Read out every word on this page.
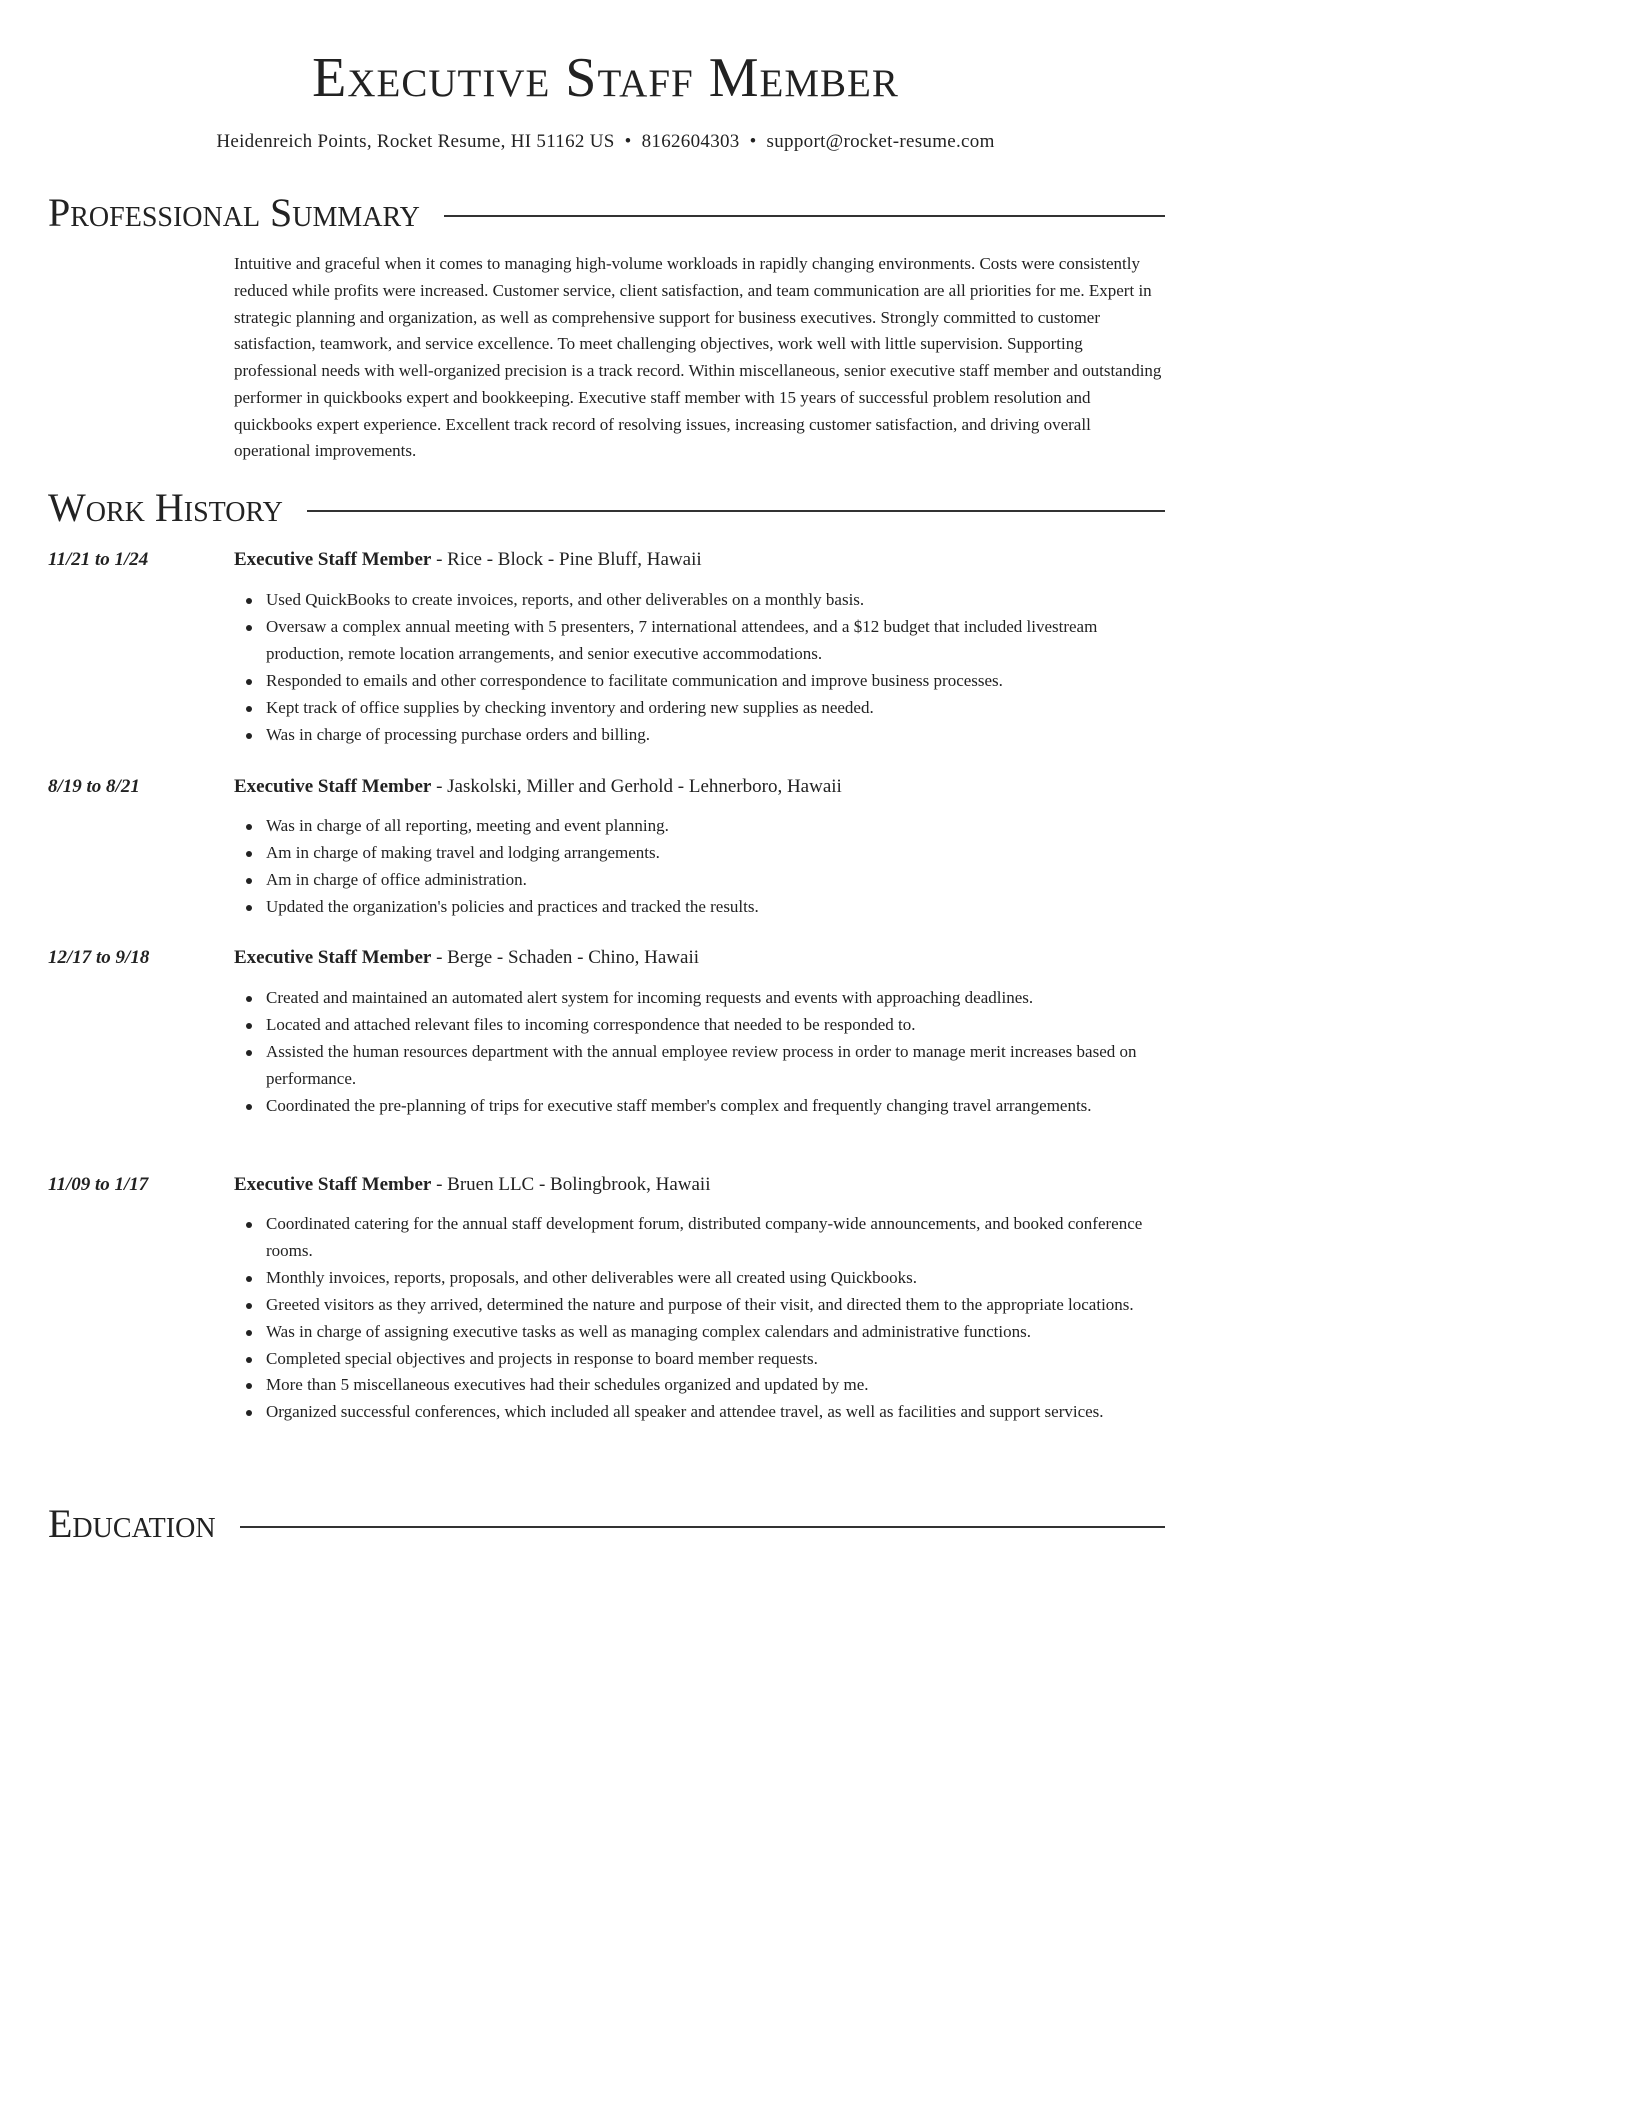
Executive Staff Member
Heidenreich Points, Rocket Resume, HI 51162 US • 8162604303 • support@rocket-resume.com
Professional Summary

Intuitive and graceful when it comes to managing high-volume workloads in rapidly changing environments. Costs were consistently reduced while profits were increased. Customer service, client satisfaction, and team communication are all priorities for me. Expert in strategic planning and organization, as well as comprehensive support for business executives. Strongly committed to customer satisfaction, teamwork, and service excellence. To meet challenging objectives, work well with little supervision. Supporting professional needs with well-organized precision is a track record. Within miscellaneous, senior executive staff member and outstanding performer in quickbooks expert and bookkeeping. Executive staff member with 15 years of successful problem resolution and quickbooks expert experience. Excellent track record of resolving issues, increasing customer satisfaction, and driving overall operational improvements.

Work History
11/21 to 1/24	Executive Staff Member - Rice - Block - Pine Bluff, Hawaii
Used QuickBooks to create invoices, reports, and other deliverables on a monthly basis.
Oversaw a complex annual meeting with 5 presenters, 7 international attendees, and a $12 budget that included livestream production, remote location arrangements, and senior executive accommodations.
Responded to emails and other correspondence to facilitate communication and improve business processes.
Kept track of office supplies by checking inventory and ordering new supplies as needed.
Was in charge of processing purchase orders and billing.
8/19 to 8/21	Executive Staff Member - Jaskolski, Miller and Gerhold - Lehnerboro, Hawaii
Was in charge of all reporting, meeting and event planning.
Am in charge of making travel and lodging arrangements.
Am in charge of office administration.
Updated the organization's policies and practices and tracked the results.
12/17 to 9/18	Executive Staff Member - Berge - Schaden - Chino, Hawaii
Created and maintained an automated alert system for incoming requests and events with approaching deadlines.
Located and attached relevant files to incoming correspondence that needed to be responded to.
Assisted the human resources department with the annual employee review process in order to manage merit increases based on performance.
Coordinated the pre-planning of trips for executive staff member's complex and frequently changing travel arrangements.
11/09 to 1/17	Executive Staff Member - Bruen LLC - Bolingbrook, Hawaii
Coordinated catering for the annual staff development forum, distributed company-wide announcements, and booked conference rooms.
Monthly invoices, reports, proposals, and other deliverables were all created using Quickbooks.
Greeted visitors as they arrived, determined the nature and purpose of their visit, and directed them to the appropriate locations.
Was in charge of assigning executive tasks as well as managing complex calendars and administrative functions.
Completed special objectives and projects in response to board member requests.
More than 5 miscellaneous executives had their schedules organized and updated by me.
Organized successful conferences, which included all speaker and attendee travel, as well as facilities and support services.
Education
